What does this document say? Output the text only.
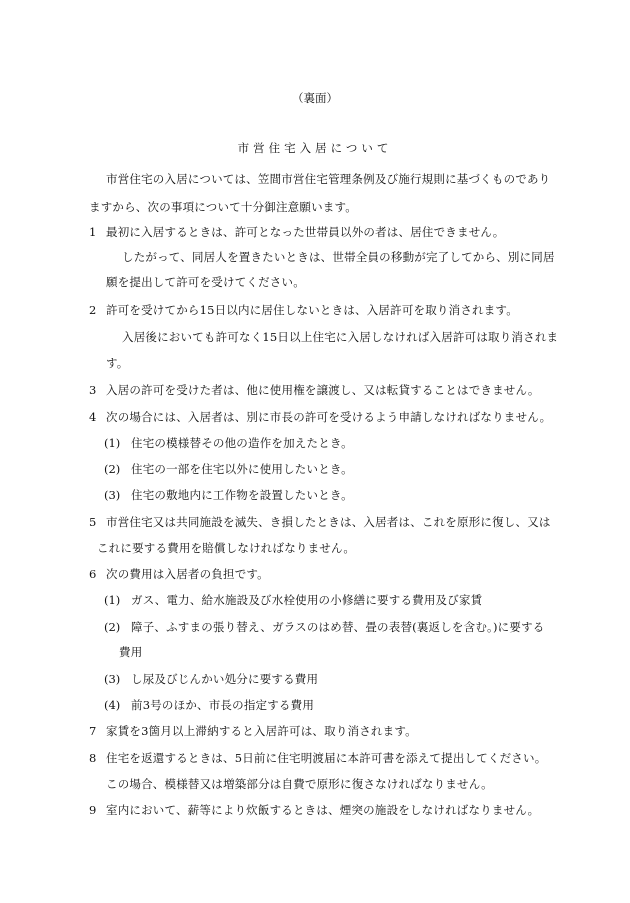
（裏面）
市営住宅入居について
市営住宅の入居については、笠間市営住宅管理条例及び施行規則に基づくものであり
ますから、次の事項について十分御注意願います。
1 最初に入居するときは、許可となった世帯員以外の者は、居住できません。
したがって、同居人を置きたいときは、世帯全員の移動が完了してから、別に同居
願を提出して許可を受けてください。
2 許可を受けてから15日以内に居住しないときは、入居許可を取り消されます。
入居後においても許可なく15日以上住宅に入居しなければ入居許可は取り消されま
す。
3 入居の許可を受けた者は、他に使用権を譲渡し、又は転貸することはできません。
4 次の場合には、入居者は、別に市長の許可を受けるよう申請しなければなりません。
(1) 住宅の模様替その他の造作を加えたとき。
(2) 住宅の一部を住宅以外に使用したいとき。
(3) 住宅の敷地内に工作物を設置したいとき。
5 市営住宅又は共同施設を滅失、き損したときは、入居者は、これを原形に復し、又は
これに要する費用を賠償しなければなりません。
6 次の費用は入居者の負担です。
(1) ガス、電力、給水施設及び水栓使用の小修繕に要する費用及び家賃
(2) 障子、ふすまの張り替え、ガラスのはめ替、畳の表替(裏返しを含む。)に要する
費用
(3) し尿及びじんかい処分に要する費用
(4) 前3号のほか、市長の指定する費用
7 家賃を3箇月以上滞納すると入居許可は、取り消されます。
8 住宅を返還するときは、5日前に住宅明渡届に本許可書を添えて提出してください。
この場合、模様替又は増築部分は自費で原形に復さなければなりません。
9 室内において、薪等により炊飯するときは、煙突の施設をしなければなりません。
